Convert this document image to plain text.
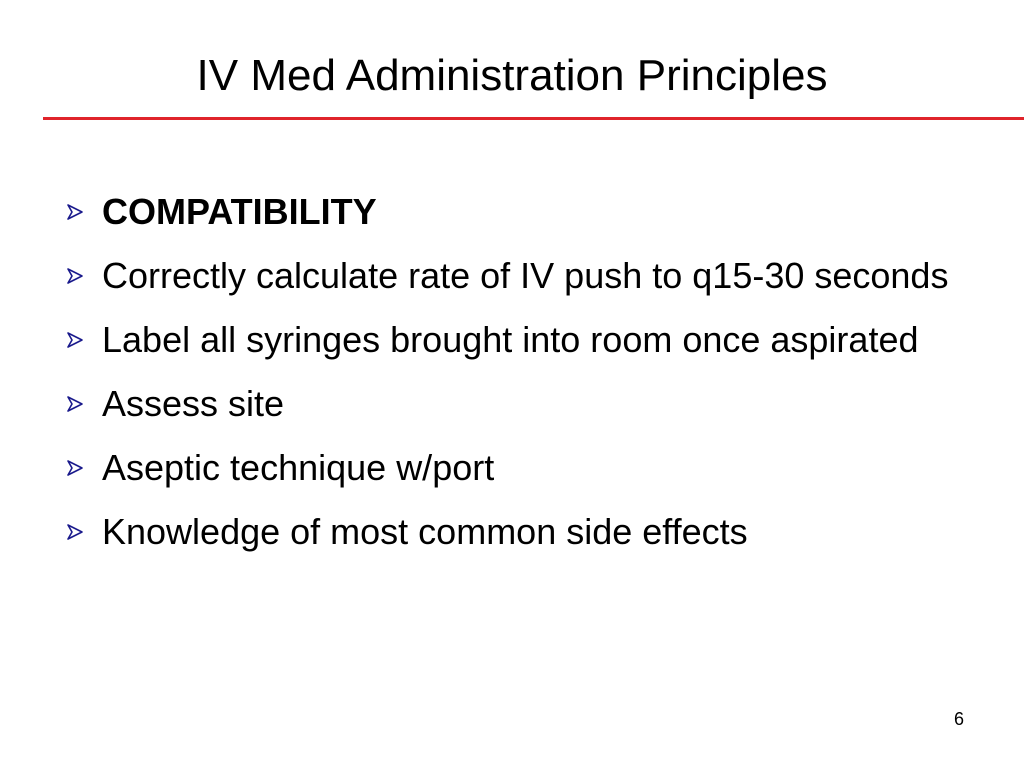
IV Med Administration Principles
COMPATIBILITY
Correctly calculate rate of IV push to q15-30 seconds
Label all syringes brought into room once aspirated
Assess site
Aseptic technique w/port
Knowledge of most common side effects
6
